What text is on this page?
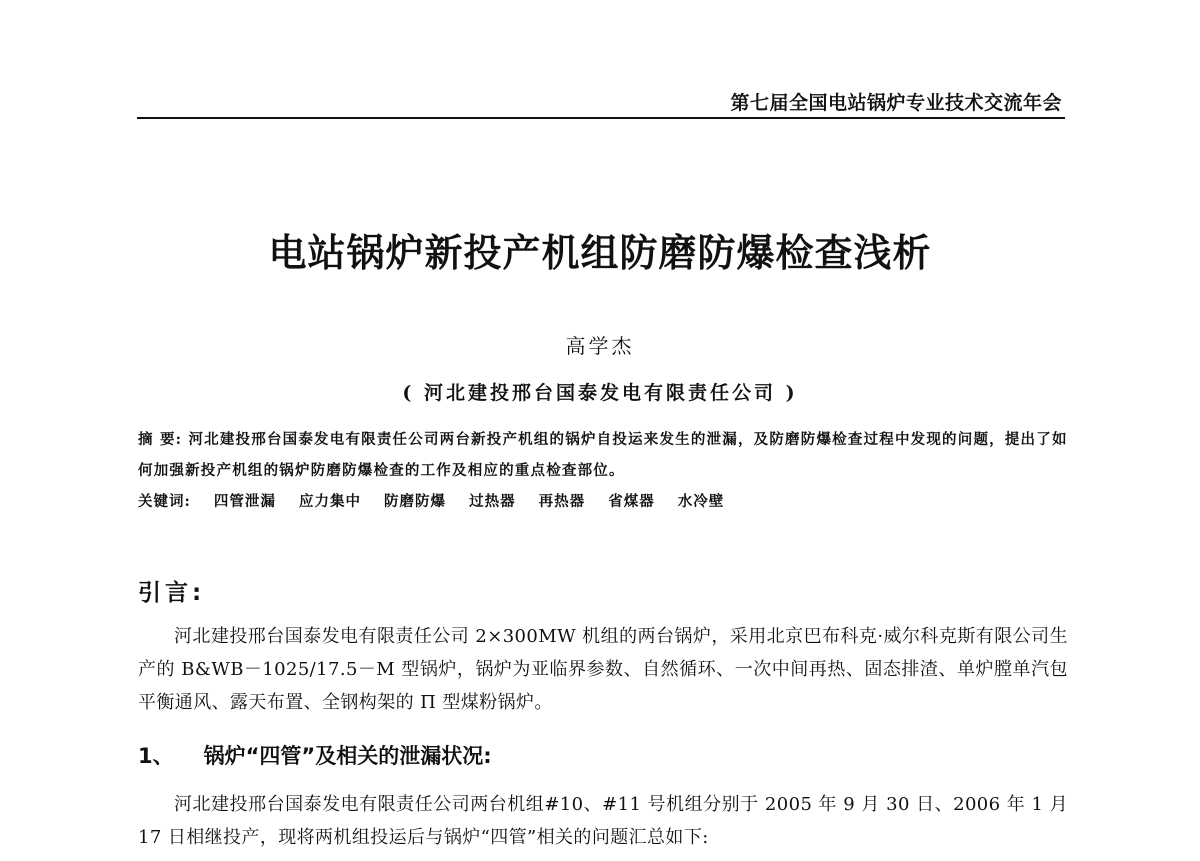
第七届全国电站锅炉专业技术交流年会
电站锅炉新投产机组防磨防爆检查浅析
高学杰
( 河北建投邢台国泰发电有限责任公司 )
摘 要: 河北建投邢台国泰发电有限责任公司两台新投产机组的锅炉自投运来发生的泄漏，及防磨防爆检查过程中发现的问题，提出了如何加强新投产机组的锅炉防磨防爆检查的工作及相应的重点检查部位。
关键词: 四管泄漏 应力集中 防磨防爆 过热器 再热器 省煤器 水冷壁
引言:
河北建投邢台国泰发电有限责任公司 2×300MW 机组的两台锅炉，采用北京巴布科克·威尔科克斯有限公司生产的 B&WB－1025/17.5－M 型锅炉，锅炉为亚临界参数、自然循环、一次中间再热、固态排渣、单炉膛单汽包平衡通风、露天布置、全钢构架的 Π 型煤粉锅炉。
1、 锅炉“四管”及相关的泄漏状况:
河北建投邢台国泰发电有限责任公司两台机组#10、#11 号机组分别于 2005 年 9 月 30 日、2006 年 1 月 17 日相继投产，现将两机组投运后与锅炉“四管”相关的问题汇总如下:
